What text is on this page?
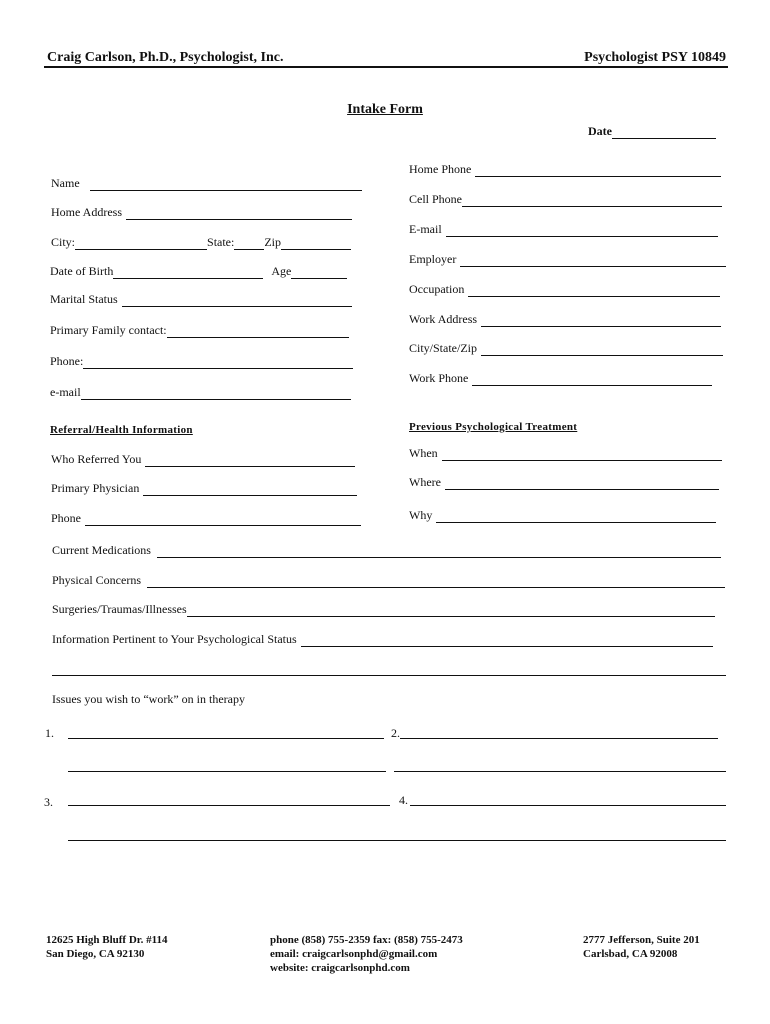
Craig Carlson, Ph.D., Psychologist, Inc.	Psychologist PSY 10849
Intake Form
Date
Name
Home Address
City:	State:	Zip
Date of Birth	Age
Marital Status
Primary Family contact:
Phone:
e-mail
Home Phone
Cell Phone
E-mail
Employer
Occupation
Work Address
City/State/Zip
Work Phone
Referral/Health Information
Who Referred You
Primary Physician
Phone
Previous Psychological Treatment
When
Where
Why
Current Medications
Physical Concerns
Surgeries/Traumas/Illnesses
Information Pertinent to Your Psychological Status
Issues you wish to “work” on in therapy
1.	2.
3.	4.
12625 High Bluff Dr. #114
San Diego, CA 92130
phone (858) 755-2359 fax: (858) 755-2473
email: craigcarlsonphd@gmail.com
website: craigcarlsonphd.com
2777 Jefferson, Suite 201
Carlsbad, CA 92008
